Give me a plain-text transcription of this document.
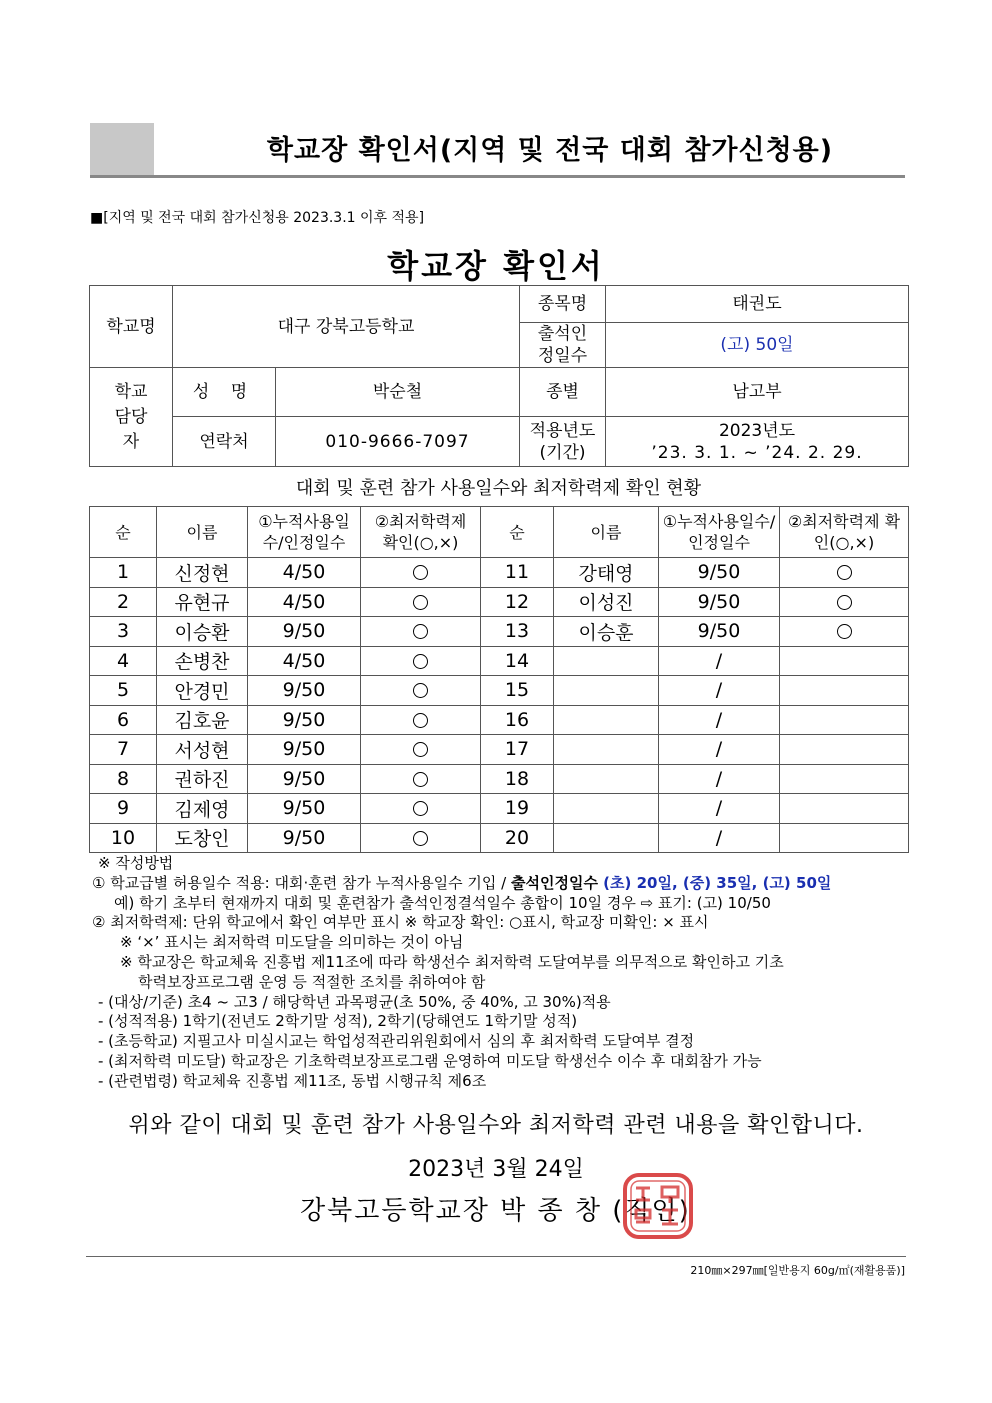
학교장 확인서(지역 및 전국 대회 참가신청용)
■[지역 및 전국 대회 참가신청용 2023.3.1 이후 적용]
학교장 확인서
학교명	대구 강북고등학교		종목명	태권도

			출석인정일수	(고) 50일

학교 담당자	성 명	박순철	종별	남고부
	연락처	010-9666-7097	적용년도 (기간)	2023년도
’23. 3. 1. ~ ’24. 2. 29.
대회 및 훈련 참가 사용일수와 최저학력제 확인 현황
순	이름	①누적사용일수/인정일수	②최저학력제 확인(○,×)	순	이름	①누적사용일수/인정일수	②최저학력제 확인(○,×)

1	신정현	4/50		11	강태영	9/50	
2	유현규	4/50		12	이성진	9/50	
3	이승환	9/50		13	이승훈	9/50	
4	손병찬	4/50		14		/	
5	안경민	9/50		15		/	
6	김호윤	9/50		16		/	
7	서성현	9/50		17		/	
8	권하진	9/50		18		/	
9	김제영	9/50		19		/	
10	도창인	9/50		20		/	
※ 작성방법
① 학교급별 허용일수 적용: 대회·훈련 참가 누적사용일수 기입 / 출석인정일수 (초) 20일, (중) 35일, (고) 50일
예) 학기 초부터 현재까지 대회 및 훈련참가 출석인정결석일수 총합이 10일 경우 ⇨ 표기: (고) 10/50
② 최저학력제: 단위 학교에서 확인 여부만 표시 ※ 학교장 확인: ○표시, 학교장 미확인: × 표시
※ ‘×’ 표시는 최저학력 미도달을 의미하는 것이 아님
※ 학교장은 학교체육 진흥법 제11조에 따라 학생선수 최저학력 도달여부를 의무적으로 확인하고 기초
학력보장프로그램 운영 등 적절한 조치를 취하여야 함
- (대상/기준) 초4 ~ 고3 / 해당학년 과목평균(초 50%, 중 40%, 고 30%)적용
- (성적적용) 1학기(전년도 2학기말 성적), 2학기(당해연도 1학기말 성적)
- (초등학교) 지필고사 미실시교는 학업성적관리위원회에서 심의 후 최저학력 도달여부 결정
- (최저학력 미도달) 학교장은 기초학력보장프로그램 운영하여 미도달 학생선수 이수 후 대회참가 가능
- (관련법령) 학교체육 진흥법 제11조, 동법 시행규칙 제6조
위와 같이 대회 및 훈련 참가 사용일수와 최저학력 관련 내용을 확인합니다.
2023년 3월 24일
강북고등학교장 박 종 창 (직인)
210㎜×297㎜[일반용지 60g/㎡(재활용품)]
